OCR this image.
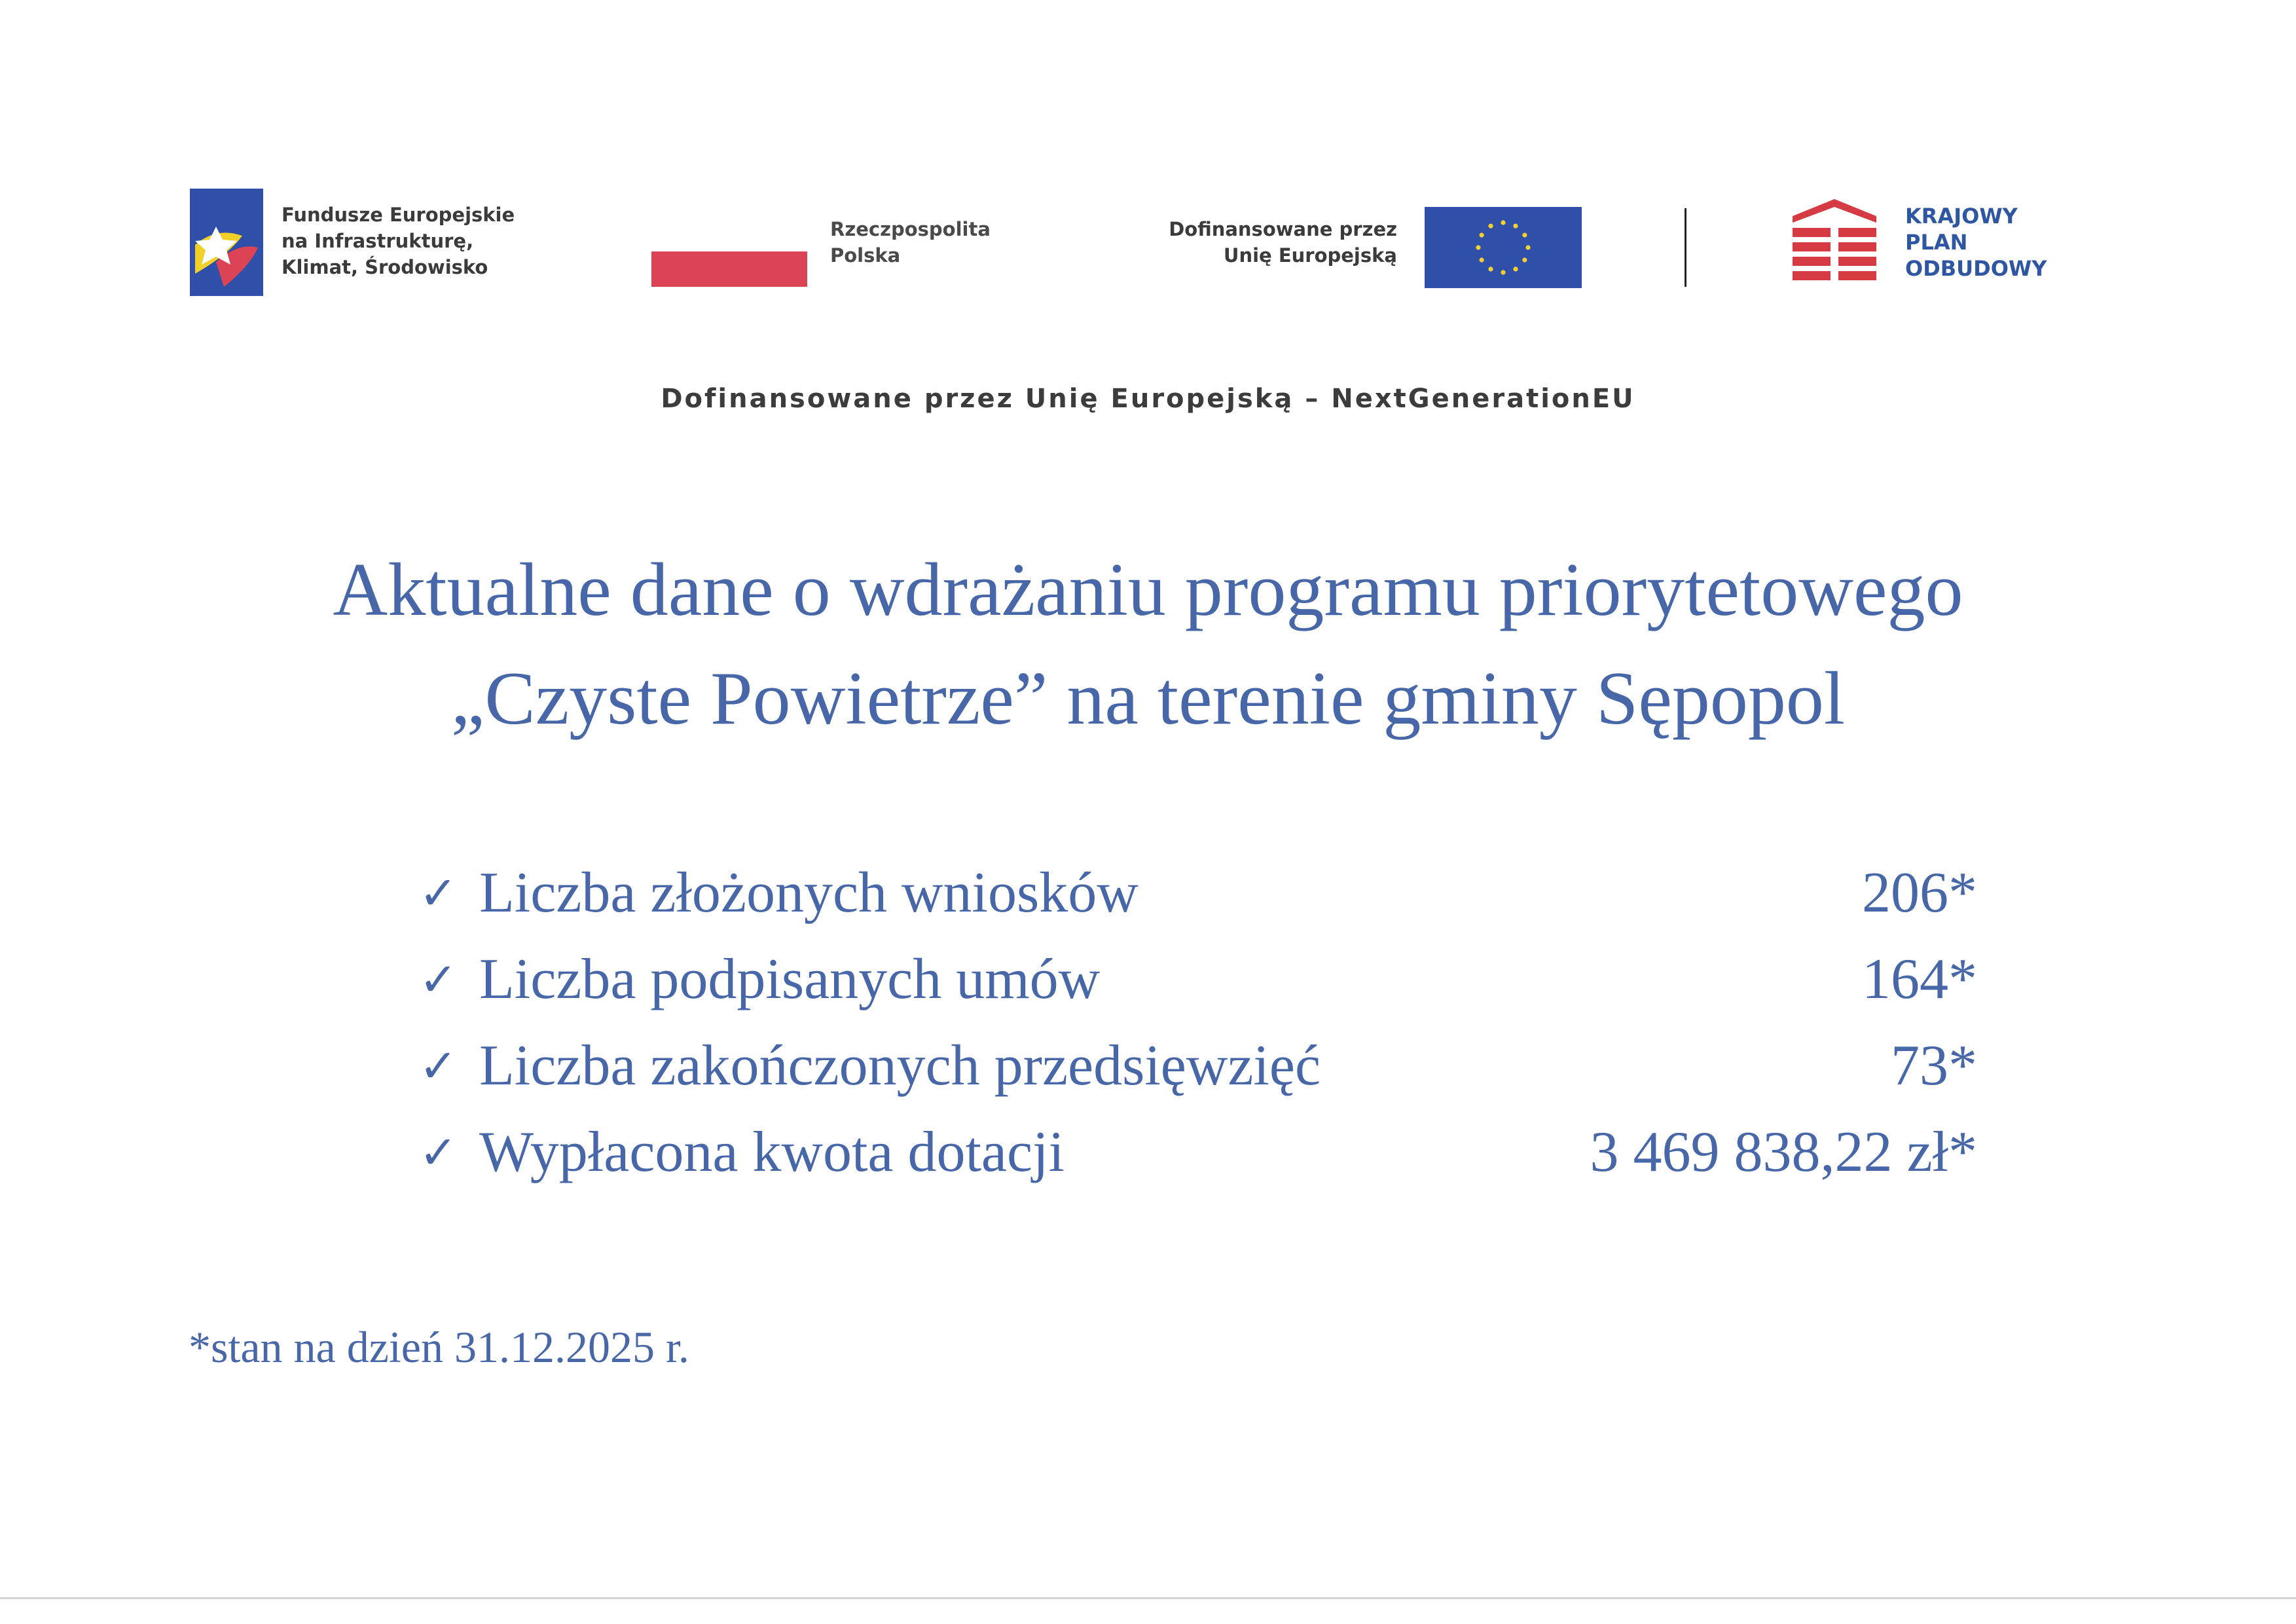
Fundusze Europejskie
na Infrastrukturę,
Klimat, Środowisko
Rzeczpospolita
Polska
Dofinansowane przez
Unię Europejską
KRAJOWY
PLAN
ODBUDOWY
Dofinansowane przez Unię Europejską – NextGenerationEU
Aktualne dane o wdrażaniu programu priorytetowego
„Czyste Powietrze” na terenie gminy Sępopol
✓ Liczba złożonych wniosków	206*
✓ Liczba podpisanych umów	164*
✓ Liczba zakończonych przedsięwzięć	73*
✓ Wypłacona kwota dotacji	3 469 838,22 zł*
*stan na dzień 31.12.2025 r.
